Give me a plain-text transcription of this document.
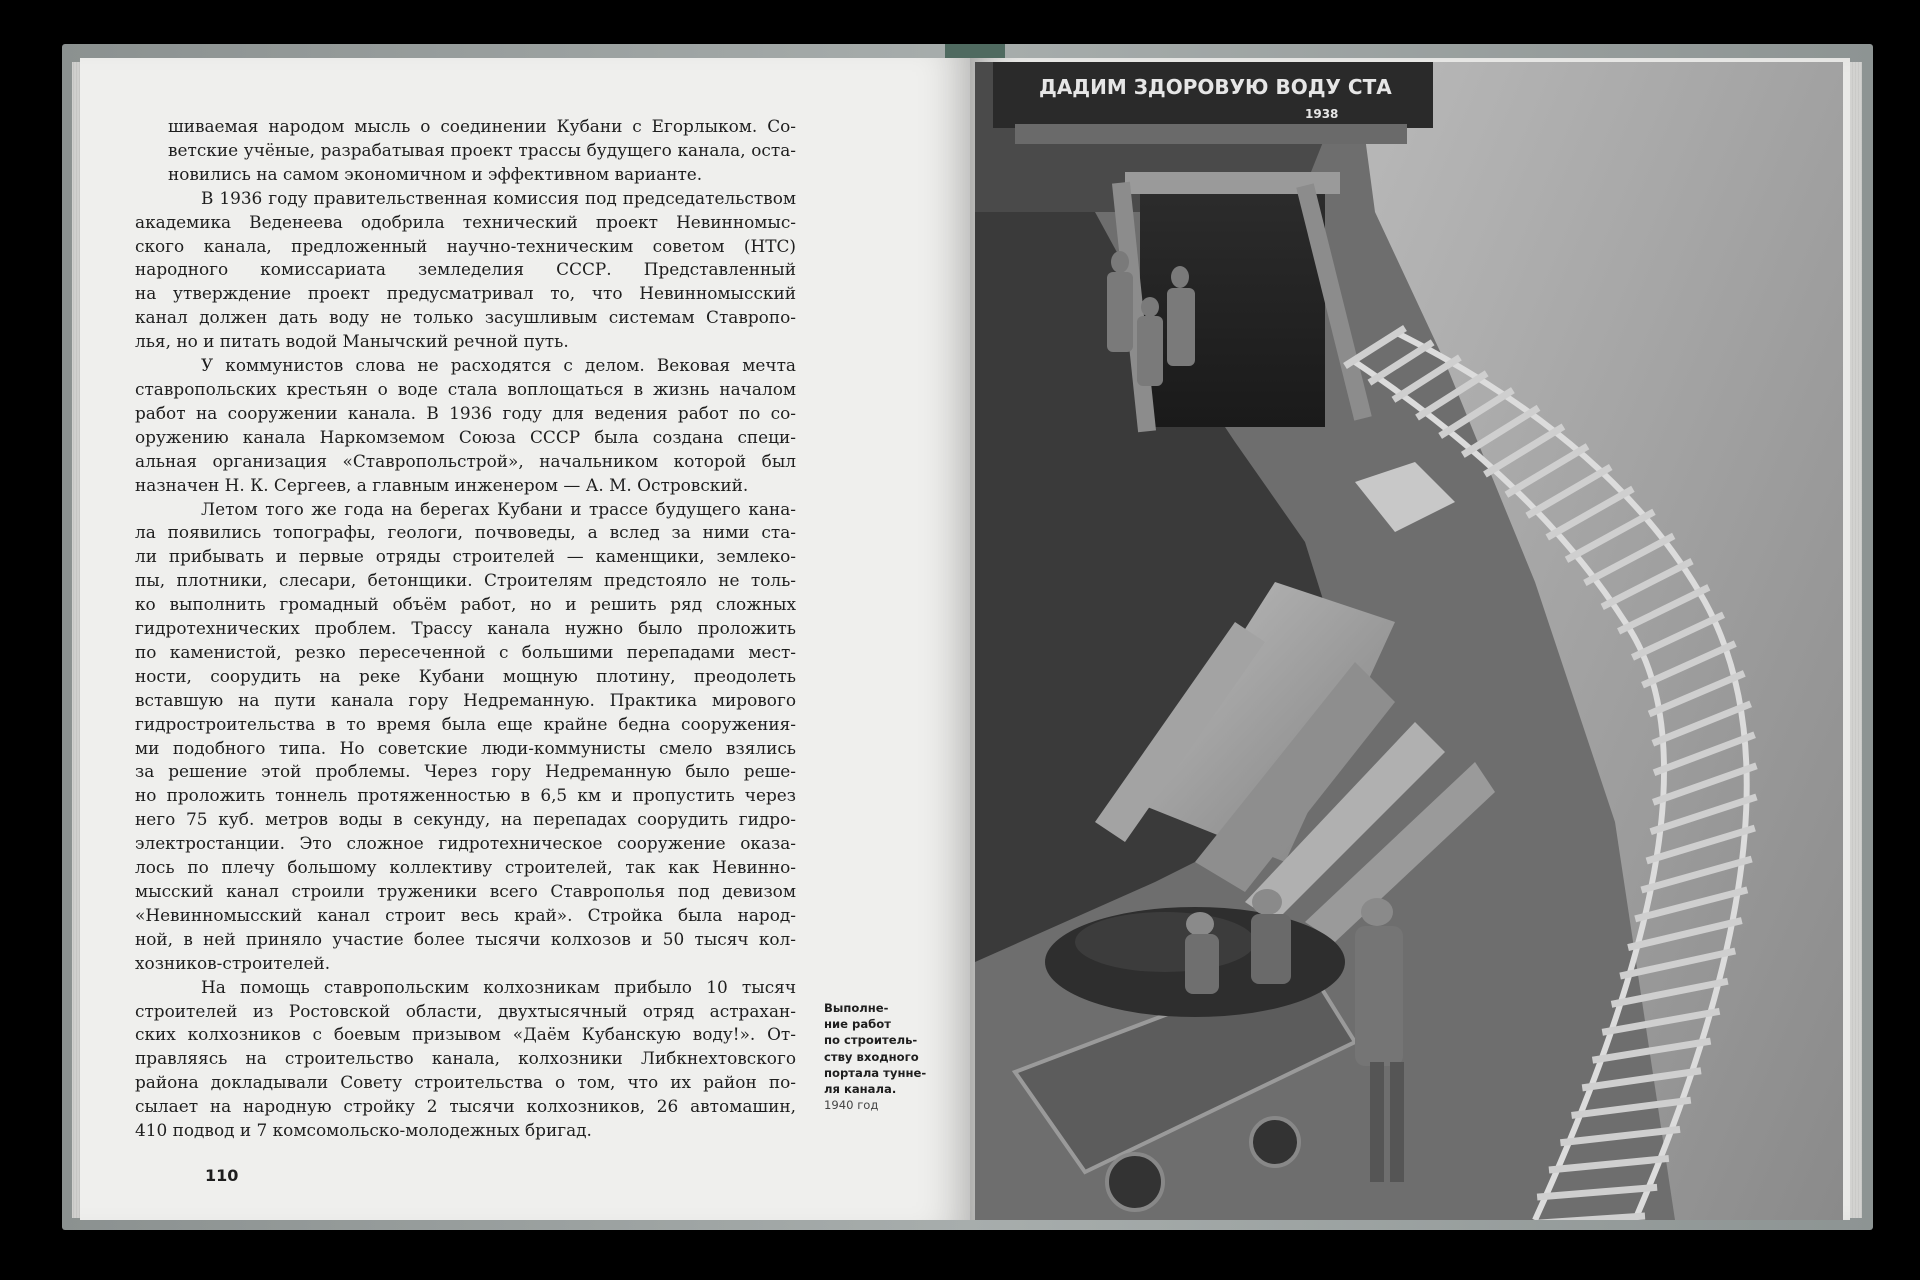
шиваемая народом мысль о соединении Кубани с Егорлыком. Со-
ветские учёные, разрабатывая проект трассы будущего канала, оста-
новились на самом экономичном и эффективном варианте.

В 1936 году правительственная комиссия под председательством
академика Веденеева одобрила технический проект Невинномыс-
ского канала, предложенный научно-техническим советом (НТС)
народного комиссариата земледелия СССР. Представленный
на утверждение проект предусматривал то, что Невинномысский
канал должен дать воду не только засушливым системам Ставропо-
лья, но и питать водой Манычский речной путь.

У коммунистов слова не расходятся с делом. Вековая мечта
ставропольских крестьян о воде стала воплощаться в жизнь началом
работ на сооружении канала. В 1936 году для ведения работ по со-
оружению канала Наркомземом Союза СССР была создана специ-
альная организация «Ставропольстрой», начальником которой был
назначен Н. К. Сергеев, а главным инженером — А. М. Островский.

Летом того же года на берегах Кубани и трассе будущего кана-
ла появились топографы, геологи, почвоведы, а вслед за ними ста-
ли прибывать и первые отряды строителей — каменщики, землеко-
пы, плотники, слесари, бетонщики. Строителям предстояло не толь-
ко выполнить громадный объём работ, но и решить ряд сложных
гидротехнических проблем. Трассу канала нужно было проложить
по каменистой, резко пересеченной с большими перепадами мест-
ности, соорудить на реке Кубани мощную плотину, преодолеть
вставшую на пути канала гору Недреманную. Практика мирового
гидростроительства в то время была еще крайне бедна сооружения-
ми подобного типа. Но советские люди-коммунисты смело взялись
за решение этой проблемы. Через гору Недреманную было реше-
но проложить тоннель протяженностью в 6,5 км и пропустить через
него 75 куб. метров воды в секунду, на перепадах соорудить гидро-
электростанции. Это сложное гидротехническое сооружение оказа-
лось по плечу большому коллективу строителей, так как Невинно-
мысский канал строили труженики всего Ставрополья под девизом
«Невинномысский канал строит весь край». Стройка была народ-
ной, в ней приняло участие более тысячи колхозов и 50 тысяч кол-
хозников-строителей.

На помощь ставропольским колхозникам прибыло 10 тысяч
строителей из Ростовской области, двухтысячный отряд астрахан-
ских колхозников с боевым призывом «Даём Кубанскую воду!». От-
правляясь на строительство канала, колхозники Либкнехтовского
района докладывали Совету строительства о том, что их район по-
сылает на народную стройку 2 тысячи колхозников, 26 автомашин,
410 подвод и 7 комсомольско-молодежных бригад.

110
Выполне-
ние работ
по строитель-
ству входного
портала тунне-
ля канала.
1940 год
ДАДИМ ЗДОРОВУЮ ВОДУ СТА
1938
